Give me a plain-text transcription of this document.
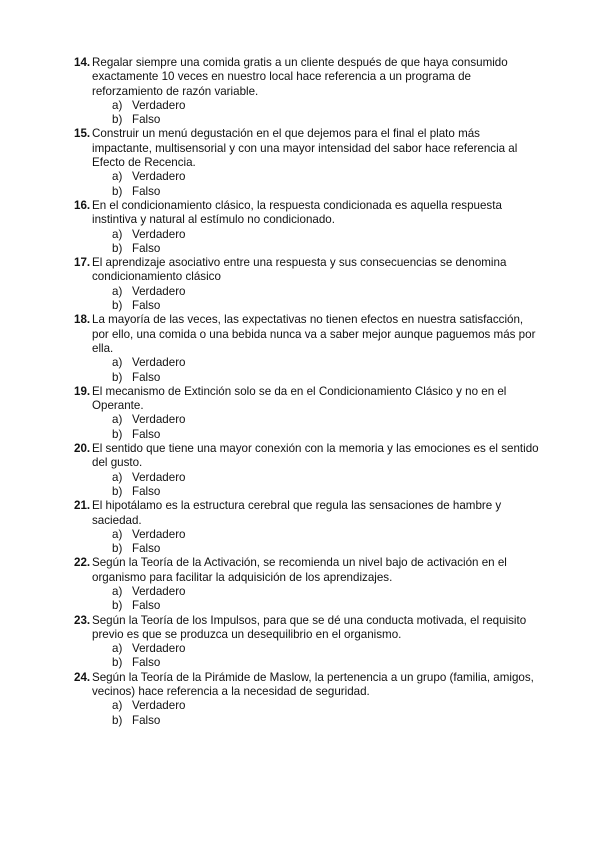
14. Regalar siempre una comida gratis a un cliente después de que haya consumido exactamente 10 veces en nuestro local hace referencia a un programa de reforzamiento de razón variable.
a) Verdadero
b) Falso
15. Construir un menú degustación en el que dejemos para el final el plato más impactante, multisensorial y con una mayor intensidad del sabor hace referencia al Efecto de Recencia.
a) Verdadero
b) Falso
16. En el condicionamiento clásico, la respuesta condicionada es aquella respuesta instintiva y natural al estímulo no condicionado.
a) Verdadero
b) Falso
17. El aprendizaje asociativo entre una respuesta y sus consecuencias se denomina condicionamiento clásico
a) Verdadero
b) Falso
18. La mayoría de las veces, las expectativas no tienen efectos en nuestra satisfacción, por ello, una comida o una bebida nunca va a saber mejor aunque paguemos más por ella.
a) Verdadero
b) Falso
19. El mecanismo de Extinción solo se da en el Condicionamiento Clásico y no en el Operante.
a) Verdadero
b) Falso
20. El sentido que tiene una mayor conexión con la memoria y las emociones es el sentido del gusto.
a) Verdadero
b) Falso
21. El hipotálamo es la estructura cerebral que regula las sensaciones de hambre y saciedad.
a) Verdadero
b) Falso
22. Según la Teoría de la Activación, se recomienda un nivel bajo de activación en el organismo para facilitar la adquisición de los aprendizajes.
a) Verdadero
b) Falso
23. Según la Teoría de los Impulsos, para que se dé una conducta motivada, el requisito previo es que se produzca un desequilibrio en el organismo.
a) Verdadero
b) Falso
24. Según la Teoría de la Pirámide de Maslow, la pertenencia a un grupo (familia, amigos, vecinos) hace referencia a la necesidad de seguridad.
a) Verdadero
b) Falso
